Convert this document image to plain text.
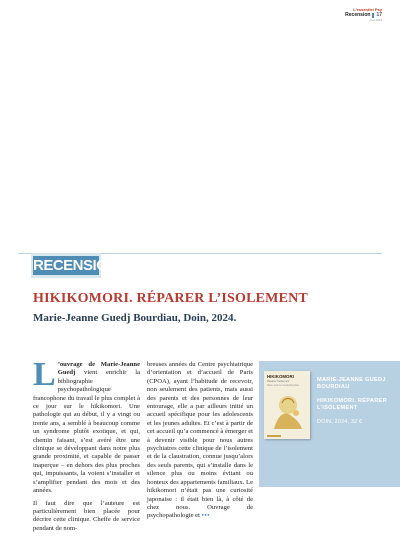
L'essentiel Psy
Recension 17
mai 2024
RECENSION
HIKIKOMORI. RÉPARER L’ISOLEMENT
Marie-Jeanne Guedj Bourdiau, Doin, 2024.

L ’ouvrage de Marie-Jeanne Guedj vient enrichir la bibliographie psychopathologique francophone du travail le plus complet à ce jour sur le hikikomori. Une pathologie qui au début, il y a vingt ou trente ans, a semblé à beaucoup comme un syndrome plutôt exotique, et qui, chemin faisant, s’est avéré être une clinique se développant dans notre plus grande proximité, et capable de passer inaperçue – en dehors des plus proches qui, impuissants, la voient s’installer et s’amplifier pendant des mois et des années.

Il faut dire que l’auteure est particulièrement bien placée pour décrire cette clinique. Cheffe de service pendant de nom-

breuses années du Centre psychiatrique d’orientation et d’accueil de Paris (CPOA), ayant l’habitude de recevoir, non seulement des patients, mais aussi des parents et des personnes de leur entourage, elle a par ailleurs initié un accueil spécifique pour les adolescents et les jeunes adultes. Et c’est à partir de cet accueil qu’a commencé à émerger et à devenir visible pour nous autres psychiatres cette clinique de l’isolement et de la claustration, connue jusqu’alors des seuls parents, qui s’installe dans le silence plus ou moins évitant ou honteux des appartements familiaux. Le hikikomori n’était pas une curiosité japonaise : il était bien là, à côté de chez nous. Ouvrage de psychopathologie et •••

HIKIKOMORI
Réparer l’isolement
Marie-Jeanne Guedj Bourdiau
MARIE-JEANNE GUEDJ BOURDIAU
HIKIKOMORI. RÉPARER L’ISOLEMENT
DOIN, 2024, 32 €
